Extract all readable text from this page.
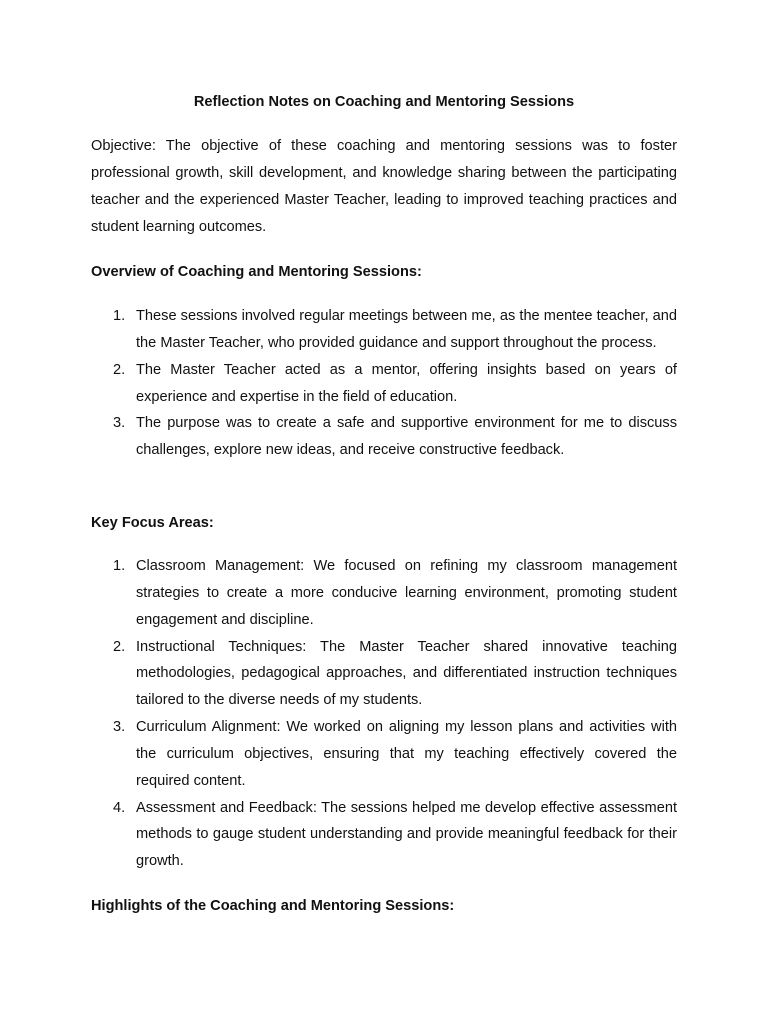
Reflection Notes on Coaching and Mentoring Sessions

Objective: The objective of these coaching and mentoring sessions was to foster professional growth, skill development, and knowledge sharing between the participating teacher and the experienced Master Teacher, leading to improved teaching practices and student learning outcomes.

Overview of Coaching and Mentoring Sessions:

1. These sessions involved regular meetings between me, as the mentee teacher, and the Master Teacher, who provided guidance and support throughout the process.
2. The Master Teacher acted as a mentor, offering insights based on years of experience and expertise in the field of education.
3. The purpose was to create a safe and supportive environment for me to discuss challenges, explore new ideas, and receive constructive feedback.

Key Focus Areas:

1. Classroom Management: We focused on refining my classroom management strategies to create a more conducive learning environment, promoting student engagement and discipline.
2. Instructional Techniques: The Master Teacher shared innovative teaching methodologies, pedagogical approaches, and differentiated instruction techniques tailored to the diverse needs of my students.
3. Curriculum Alignment: We worked on aligning my lesson plans and activities with the curriculum objectives, ensuring that my teaching effectively covered the required content.
4. Assessment and Feedback: The sessions helped me develop effective assessment methods to gauge student understanding and provide meaningful feedback for their growth.

Highlights of the Coaching and Mentoring Sessions:
